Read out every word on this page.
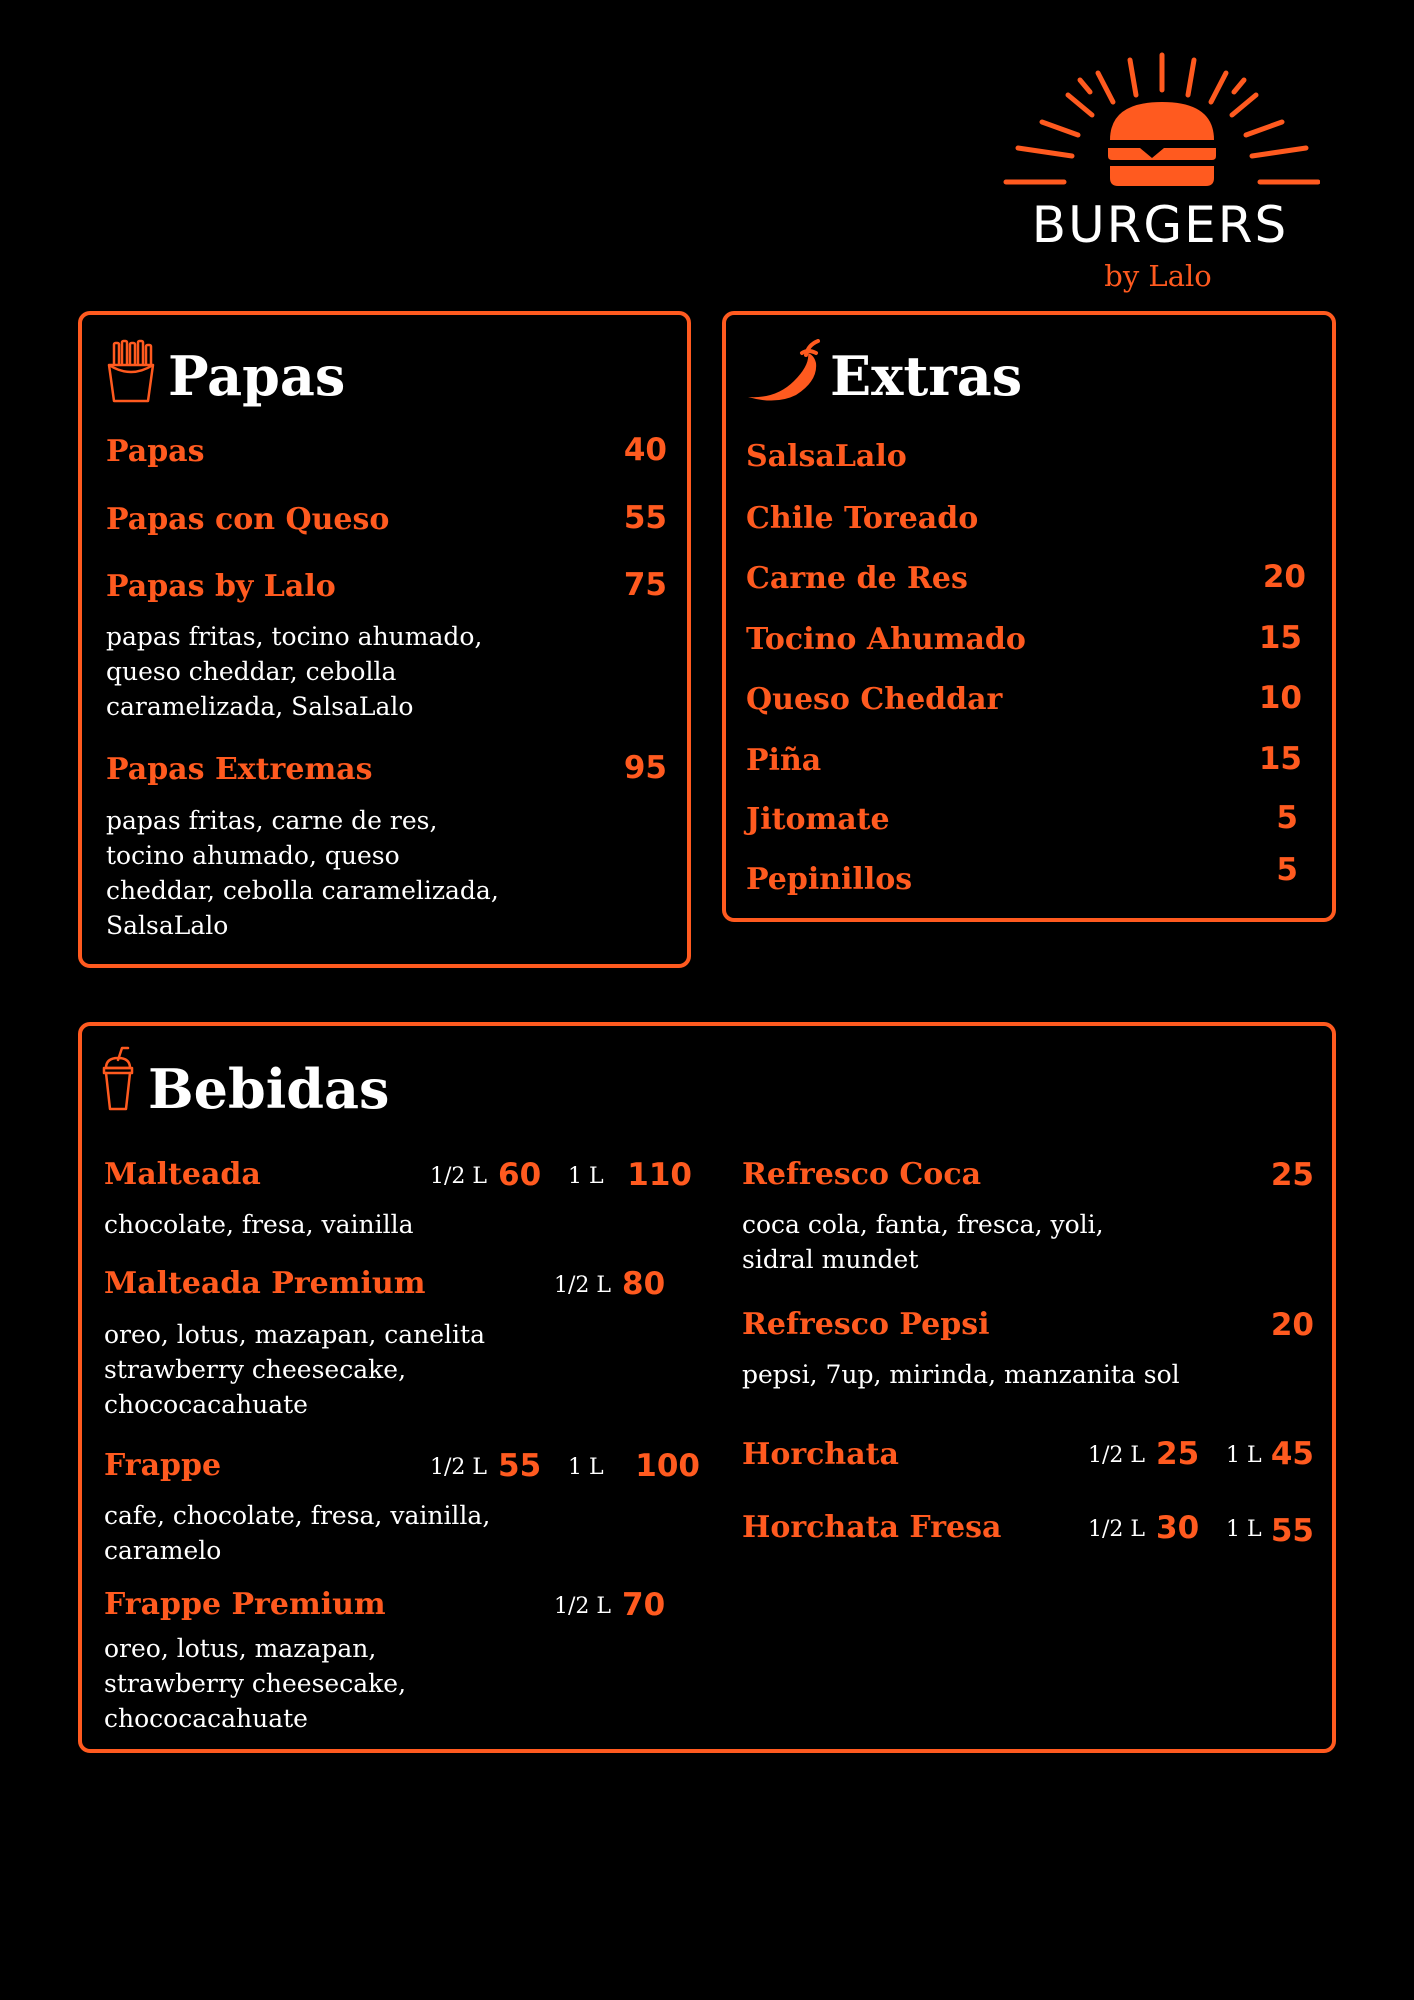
BURGERS
by Lalo
Papas
Papas	40
Papas con Queso	55
Papas by Lalo	75
papas fritas, tocino ahumado,
queso cheddar, cebolla
caramelizada, SalsaLalo
Papas Extremas	95
papas fritas, carne de res,
tocino ahumado, queso
cheddar, cebolla caramelizada,
SalsaLalo
Extras
SalsaLalo
Chile Toreado
Carne de Res	20
Tocino Ahumado	15
Queso Cheddar	10
Piña	15
Jitomate	5
Pepinillos	5
Bebidas
Malteada	1/2 L 60 1 L 110
chocolate, fresa, vainilla
Malteada Premium	1/2 L 80
oreo, lotus, mazapan, canelita
strawberry cheesecake,
chococacahuate
Frappe	1/2 L 55 1 L 100
cafe, chocolate, fresa, vainilla,
caramelo
Frappe Premium	1/2 L 70
oreo, lotus, mazapan,
strawberry cheesecake,
chococacahuate
Refresco Coca	25
coca cola, fanta, fresca, yoli,
sidral mundet
Refresco Pepsi	20
pepsi, 7up, mirinda, manzanita sol
Horchata	1/2 L 25 1 L 45
Horchata Fresa	1/2 L 30 1 L 55
